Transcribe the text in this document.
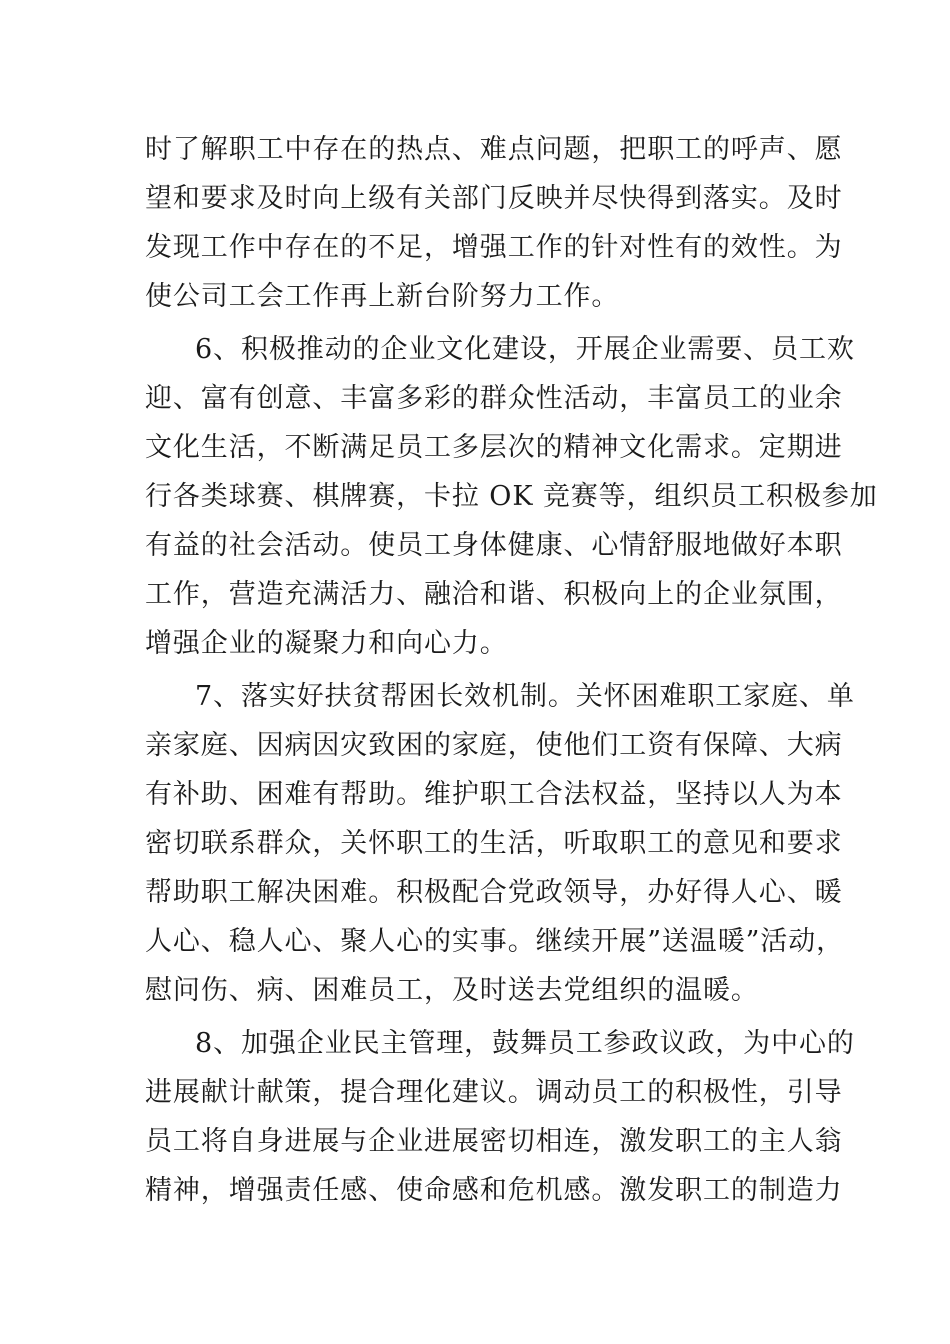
时了解职工中存在的热点、难点问题，把职工的呼声、愿
望和要求及时向上级有关部门反映并尽快得到落实。及时
发现工作中存在的不足，增强工作的针对性有的效性。为
使公司工会工作再上新台阶努力工作。
6、积极推动的企业文化建设，开展企业需要、员工欢
迎、富有创意、丰富多彩的群众性活动，丰富员工的业余
文化生活，不断满足员工多层次的精神文化需求。定期进
行各类球赛、棋牌赛，卡拉 OK 竞赛等，组织员工积极参加
有益的社会活动。使员工身体健康、心情舒服地做好本职
工作，营造充满活力、融洽和谐、积极向上的企业氛围，
增强企业的凝聚力和向心力。
7、落实好扶贫帮困长效机制。关怀困难职工家庭、单
亲家庭、因病因灾致困的家庭，使他们工资有保障、大病
有补助、困难有帮助。维护职工合法权益，坚持以人为本
密切联系群众，关怀职工的生活，听取职工的意见和要求
帮助职工解决困难。积极配合党政领导，办好得人心、暖
人心、稳人心、聚人心的实事。继续开展”送温暖”活动，
慰问伤、病、困难员工，及时送去党组织的温暖。
8、加强企业民主管理，鼓舞员工参政议政，为中心的
进展献计献策，提合理化建议。调动员工的积极性，引导
员工将自身进展与企业进展密切相连，激发职工的主人翁
精神，增强责任感、使命感和危机感。激发职工的制造力
